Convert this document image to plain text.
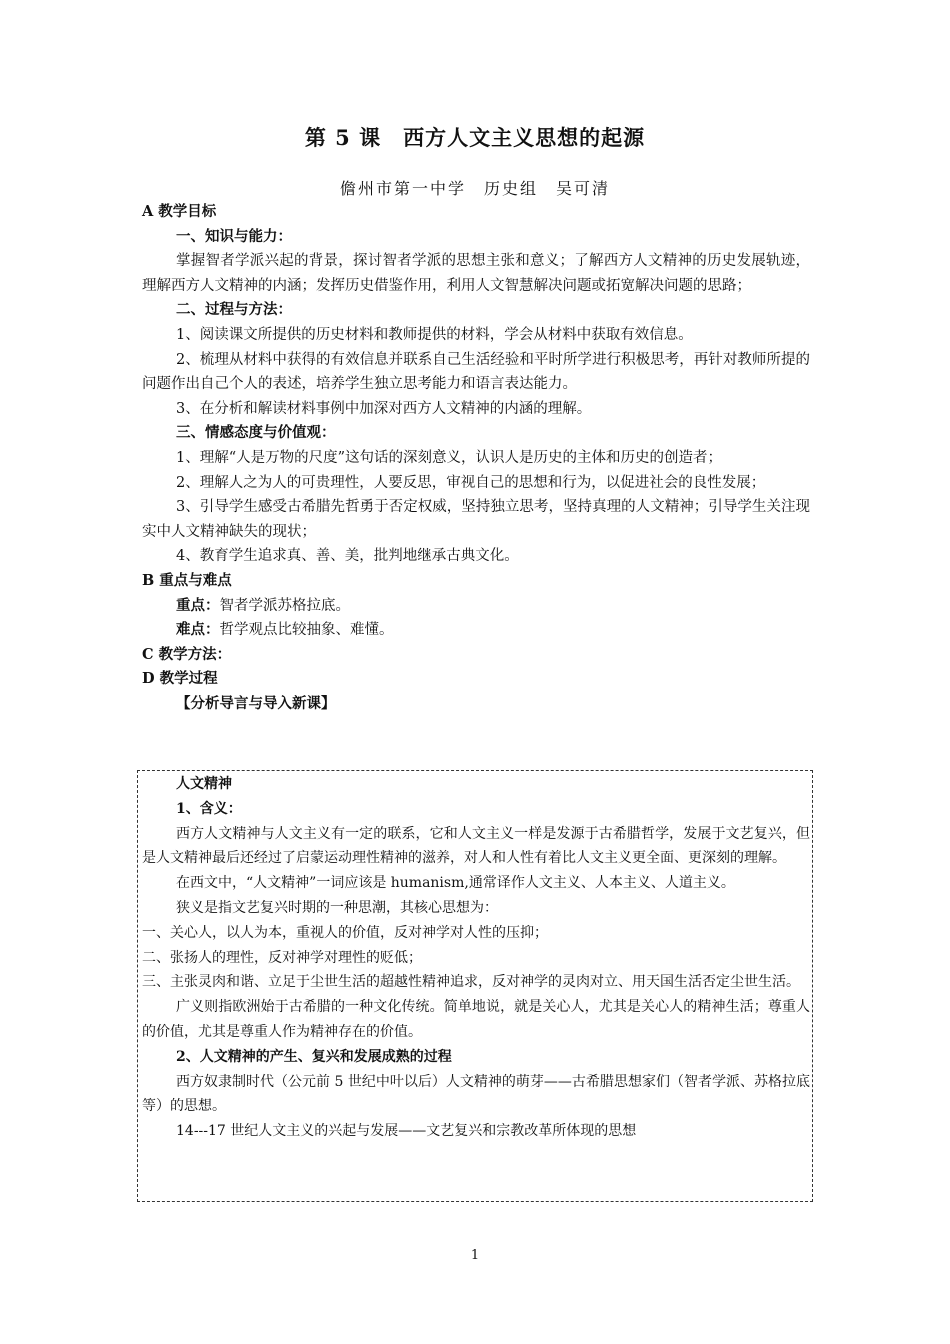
第 5 课　西方人文主义思想的起源
儋州市第一中学　历史组　吴可清

A 教学目标

一、知识与能力：

掌握智者学派兴起的背景，探讨智者学派的思想主张和意义；了解西方人文精神的历史发展轨迹，理解西方人文精神的内涵；发挥历史借鉴作用，利用人文智慧解决问题或拓宽解决问题的思路；

二、过程与方法：

1、阅读课文所提供的历史材料和教师提供的材料，学会从材料中获取有效信息。

2、梳理从材料中获得的有效信息并联系自己生活经验和平时所学进行积极思考，再针对教师所提的问题作出自己个人的表述，培养学生独立思考能力和语言表达能力。

3、在分析和解读材料事例中加深对西方人文精神的内涵的理解。

三、情感态度与价值观：

1、理解“人是万物的尺度”这句话的深刻意义，认识人是历史的主体和历史的创造者；

2、理解人之为人的可贵理性，人要反思，审视自己的思想和行为，以促进社会的良性发展；

3、引导学生感受古希腊先哲勇于否定权威，坚持独立思考，坚持真理的人文精神；引导学生关注现实中人文精神缺失的现状；

4、教育学生追求真、善、美，批判地继承古典文化。

B 重点与难点

重点：智者学派苏格拉底。

难点：哲学观点比较抽象、难懂。

C 教学方法：

D 教学过程

【分析导言与导入新课】

人文精神

1、含义：

西方人文精神与人文主义有一定的联系，它和人文主义一样是发源于古希腊哲学，发展于文艺复兴，但是人文精神最后还经过了启蒙运动理性精神的滋养，对人和人性有着比人文主义更全面、更深刻的理解。

在西文中，“人文精神”一词应该是 humanism,通常译作人文主义、人本主义、人道主义。

狭义是指文艺复兴时期的一种思潮，其核心思想为：

一、关心人，以人为本，重视人的价值，反对神学对人性的压抑；

二、张扬人的理性，反对神学对理性的贬低；

三、主张灵肉和谐、立足于尘世生活的超越性精神追求，反对神学的灵肉对立、用天国生活否定尘世生活。

广义则指欧洲始于古希腊的一种文化传统。简单地说，就是关心人，尤其是关心人的精神生活；尊重人的价值，尤其是尊重人作为精神存在的价值。

2、人文精神的产生、复兴和发展成熟的过程

西方奴隶制时代（公元前 5 世纪中叶以后）人文精神的萌芽——古希腊思想家们（智者学派、苏格拉底等）的思想。

14---17 世纪人文主义的兴起与发展——文艺复兴和宗教改革所体现的思想

1
